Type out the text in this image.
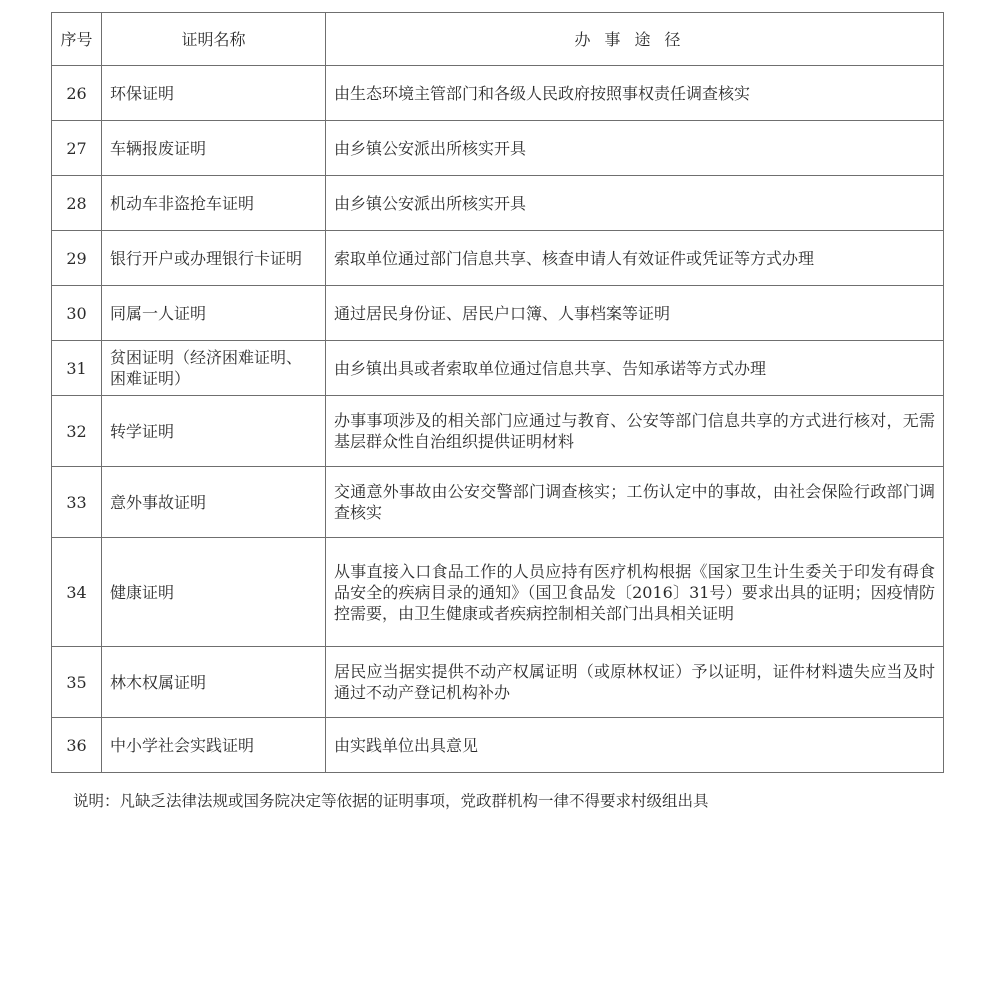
序号	证明名称	办事途径
26	环保证明	由生态环境主管部门和各级人民政府按照事权责任调查核实
27	车辆报废证明	由乡镇公安派出所核实开具
28	机动车非盗抢车证明	由乡镇公安派出所核实开具
29	银行开户或办理银行卡证明	索取单位通过部门信息共享、核查申请人有效证件或凭证等方式办理
30	同属一人证明	通过居民身份证、居民户口簿、人事档案等证明
31	贫困证明（经济困难证明、困难证明）	由乡镇出具或者索取单位通过信息共享、告知承诺等方式办理
32	转学证明	办事事项涉及的相关部门应通过与教育、公安等部门信息共享的方式进行核对，无需基层群众性自治组织提供证明材料
33	意外事故证明	交通意外事故由公安交警部门调查核实；工伤认定中的事故，由社会保险行政部门调查核实
34	健康证明	从事直接入口食品工作的人员应持有医疗机构根据《国家卫生计生委关于印发有碍食品安全的疾病目录的通知》（国卫食品发〔2016〕31号）要求出具的证明；因疫情防控需要，由卫生健康或者疾病控制相关部门出具相关证明
35	林木权属证明	居民应当据实提供不动产权属证明（或原林权证）予以证明，证件材料遗失应当及时通过不动产登记机构补办
36	中小学社会实践证明	由实践单位出具意见
说明：凡缺乏法律法规或国务院决定等依据的证明事项，党政群机构一律不得要求村级组出具
